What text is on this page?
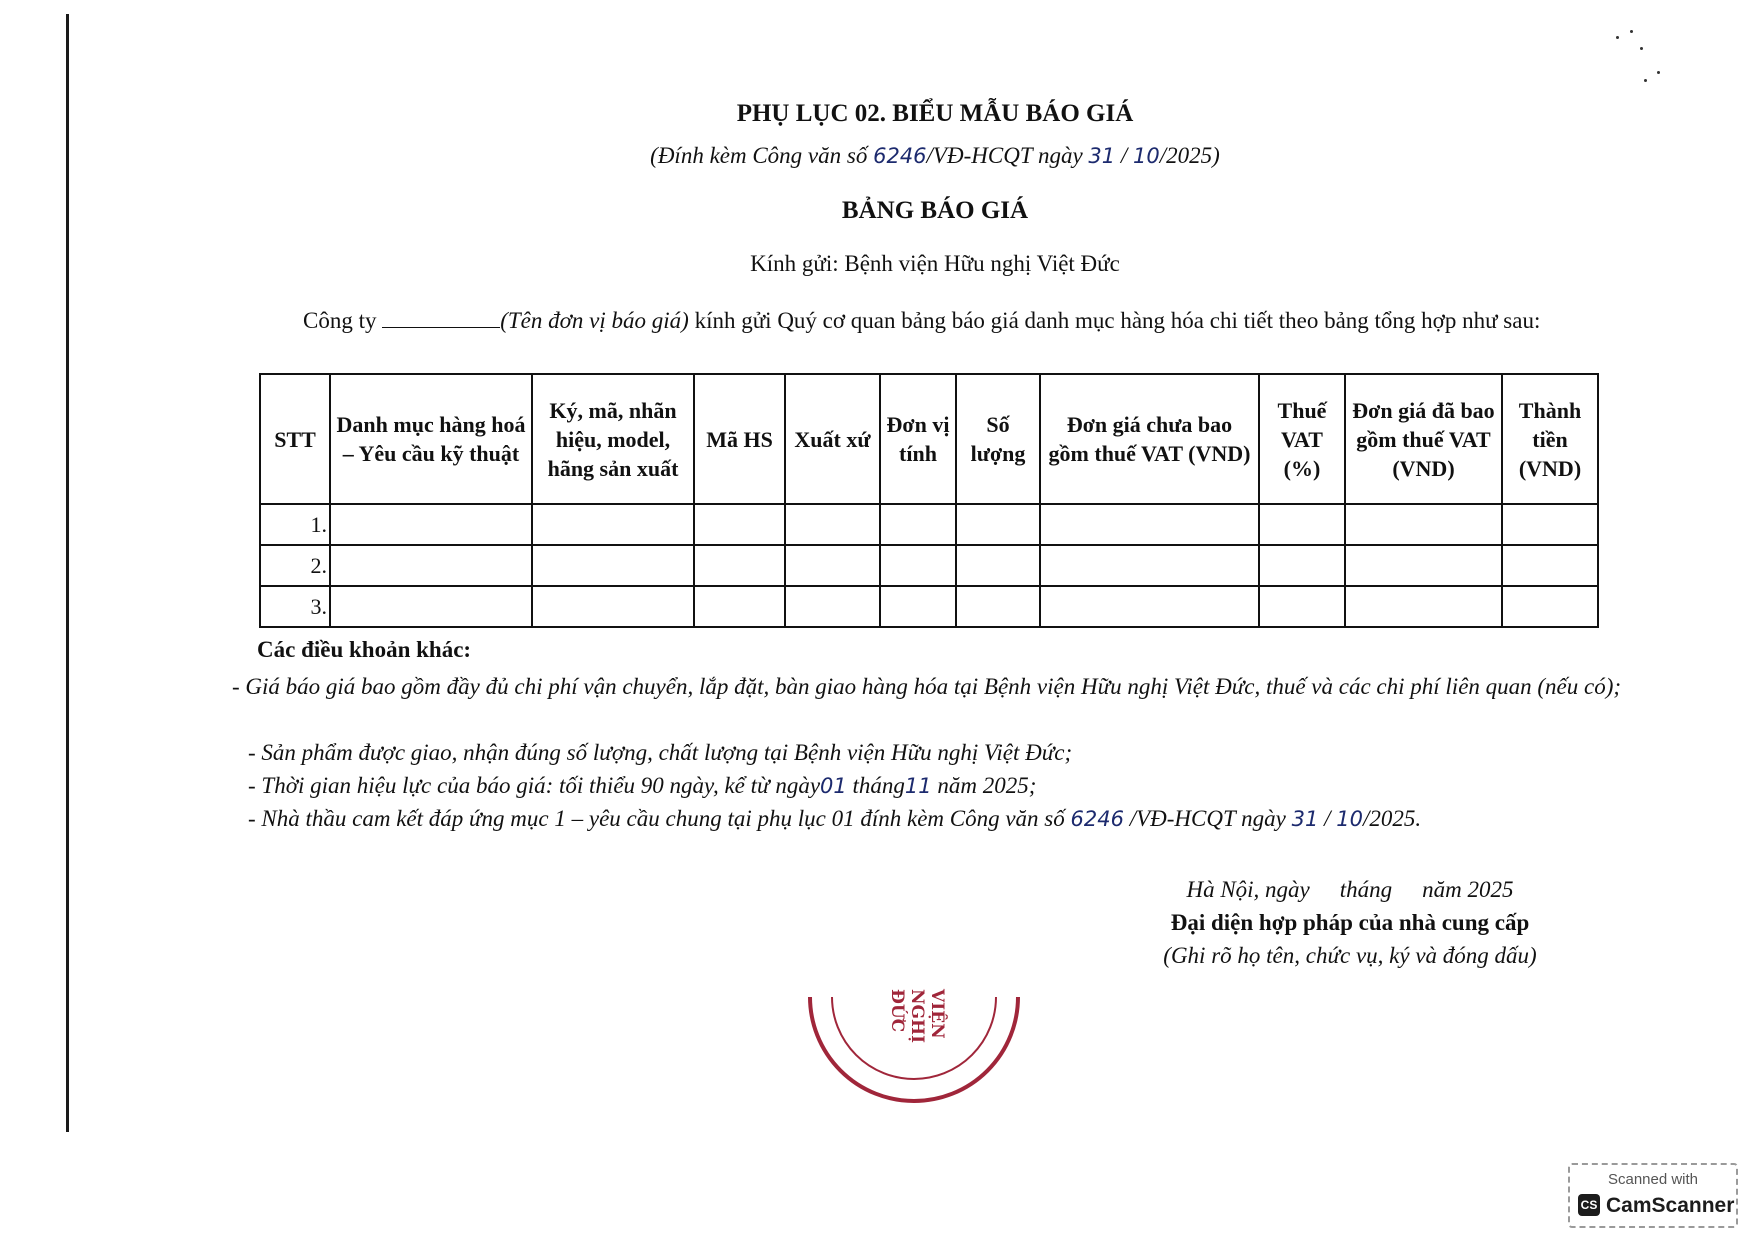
PHỤ LỤC 02. BIỂU MẪU BÁO GIÁ
(Đính kèm Công văn số 6246/VĐ-HCQT ngày 31 / 10/2025)
BẢNG BÁO GIÁ
Kính gửi: Bệnh viện Hữu nghị Việt Đức
Công ty	(Tên đơn vị báo giá) kính gửi Quý cơ quan bảng báo giá danh mục hàng hóa chi tiết theo bảng tổng hợp như sau:
STT	Danh mục hàng hoá – Yêu cầu kỹ thuật	Ký, mã, nhãn hiệu, model, hãng sản xuất	Mã HS	Xuất xứ	Đơn vị tính	Số lượng	Đơn giá chưa bao gồm thuế VAT (VND)	Thuế VAT (%)	Đơn giá đã bao gồm thuế VAT (VND)	Thành tiền (VND)
1.										
2.										
3.										
Các điều khoản khác:
- Giá báo giá bao gồm đầy đủ chi phí vận chuyển, lắp đặt, bàn giao hàng hóa tại Bệnh viện Hữu nghị Việt Đức, thuế và các chi phí liên quan (nếu có);
- Sản phẩm được giao, nhận đúng số lượng, chất lượng tại Bệnh viện Hữu nghị Việt Đức;
- Thời gian hiệu lực của báo giá: tối thiểu 90 ngày, kể từ ngày01 tháng11 năm 2025;
- Nhà thầu cam kết đáp ứng mục 1 – yêu cầu chung tại phụ lục 01 đính kèm Công văn số 6246 /VĐ-HCQT ngày 31 / 10/2025.
Hà Nội, ngày tháng năm 2025
Đại diện hợp pháp của nhà cung cấp
(Ghi rõ họ tên, chức vụ, ký và đóng dấu)
VIỆN
NGHỊ
ĐỨC
Scanned with
CS CamScanner
